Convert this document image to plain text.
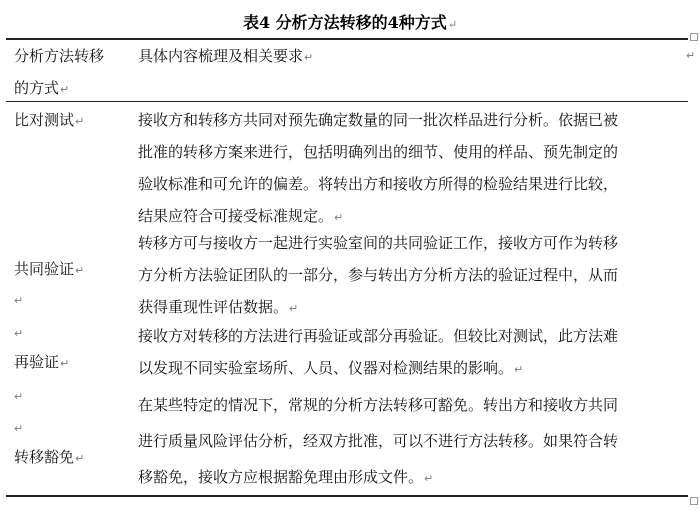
表4 分析方法转移的4种方式↵
↵
分析方法转移
的方式↵
具体内容梳理及相关要求↵
比对测试↵	接收方和转移方共同对预先确定数量的同一批次样品进行分析。依据已被
批准的转移方案来进行，包括明确列出的细节、使用的样品、预先制定的
验收标准和可允许的偏差。将转出方和接收方所得的检验结果进行比较，
结果应符合可接受标准规定。↵
共同验证↵
↵
转移方可与接收方一起进行实验室间的共同验证工作，接收方可作为转移
方分析方法验证团队的一部分，参与转出方分析方法的验证过程中，从而
获得重现性评估数据。↵
↵
再验证↵
接收方对转移的方法进行再验证或部分再验证。但较比对测试，此方法难
以发现不同实验室场所、人员、仪器对检测结果的影响。↵
↵
↵
转移豁免↵
在某些特定的情况下，常规的分析方法转移可豁免。转出方和接收方共同
进行质量风险评估分析，经双方批准，可以不进行方法转移。如果符合转
移豁免，接收方应根据豁免理由形成文件。↵
